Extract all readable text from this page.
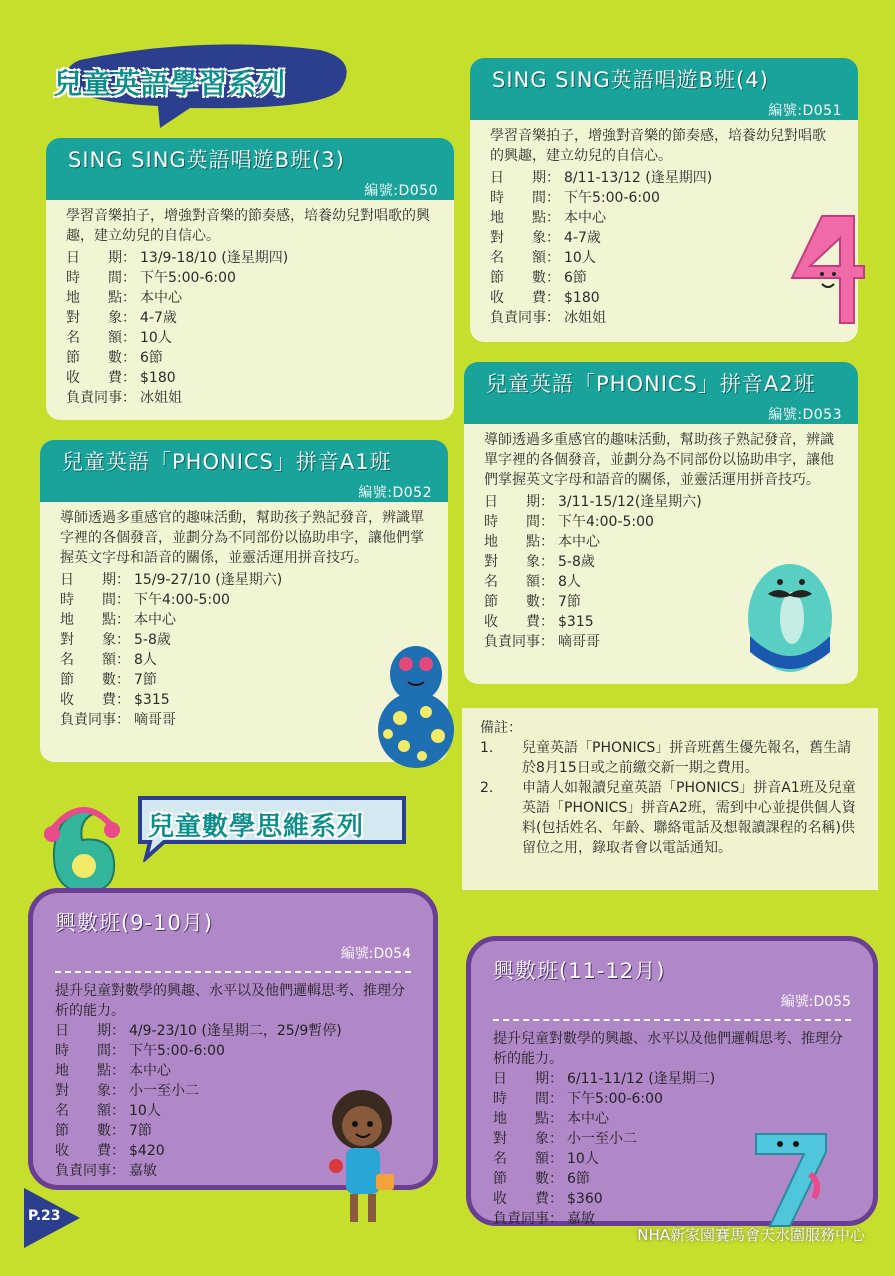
兒童英語學習系列
SING SING英語唱遊B班(3)
編號:D050
學習音樂拍子，增強對音樂的節奏感，培養幼兒對唱歌的興趣，建立幼兒的自信心。
日　　期： 13/9-18/10 (逢星期四)
時　　間： 下午5:00-6:00
地　　點： 本中心
對　　象： 4-7歲
名　　額： 10人
節　　數： 6節
收　　費： $180
負責同事： 冰姐姐
SING SING英語唱遊B班(4)
編號:D051
學習音樂拍子，增強對音樂的節奏感，培養幼兒對唱歌的興趣，建立幼兒的自信心。
日　　期： 8/11-13/12 (逢星期四)
時　　間： 下午5:00-6:00
地　　點： 本中心
對　　象： 4-7歲
名　　額： 10人
節　　數： 6節
收　　費： $180
負責同事： 冰姐姐
兒童英語「PHONICS」拼音A1班
編號:D052
導師透過多重感官的趣味活動，幫助孩子熟記發音，辨識單字裡的各個發音，並劃分為不同部份以協助串字，讓他們掌握英文字母和語音的關係，並靈活運用拼音技巧。
日　　期： 15/9-27/10 (逢星期六)
時　　間： 下午4:00-5:00
地　　點： 本中心
對　　象： 5-8歲
名　　額： 8人
節　　數： 7節
收　　費： $315
負責同事： 嘀哥哥
兒童英語「PHONICS」拼音A2班
編號:D053
導師透過多重感官的趣味活動，幫助孩子熟記發音，辨識單字裡的各個發音，並劃分為不同部份以協助串字，讓他們掌握英文字母和語音的關係，並靈活運用拼音技巧。
日　　期： 3/11-15/12(逢星期六)
時　　間： 下午4:00-5:00
地　　點： 本中心
對　　象： 5-8歲
名　　額： 8人
節　　數： 7節
收　　費： $315
負責同事： 嘀哥哥
備註：
1.	兒童英語「PHONICS」拼音班舊生優先報名，舊生請於8月15日或之前繳交新一期之費用。
2.	申請人如報讀兒童英語「PHONICS」拼音A1班及兒童英語「PHONICS」拼音A2班，需到中心並提供個人資料(包括姓名、年齡、聯絡電話及想報讀課程的名稱)供留位之用，錄取者會以電話通知。
兒童數學思維系列
興數班(9-10月)
編號:D054
提升兒童對數學的興趣、水平以及他們邏輯思考、推理分析的能力。
日　　期： 4/9-23/10 (逢星期二，25/9暫停)
時　　間： 下午5:00-6:00
地　　點： 本中心
對　　象： 小一至小二
名　　額： 10人
節　　數： 7節
收　　費： $420
負責同事： 嘉敏
興數班(11-12月)
編號:D055
提升兒童對數學的興趣、水平以及他們邏輯思考、推理分析的能力。
日　　期： 6/11-11/12 (逢星期二)
時　　間： 下午5:00-6:00
地　　點： 本中心
對　　象： 小一至小二
名　　額： 10人
節　　數： 6節
收　　費： $360
負責同事： 嘉敏
P.23
NHA新家園賽馬會天水圍服務中心
